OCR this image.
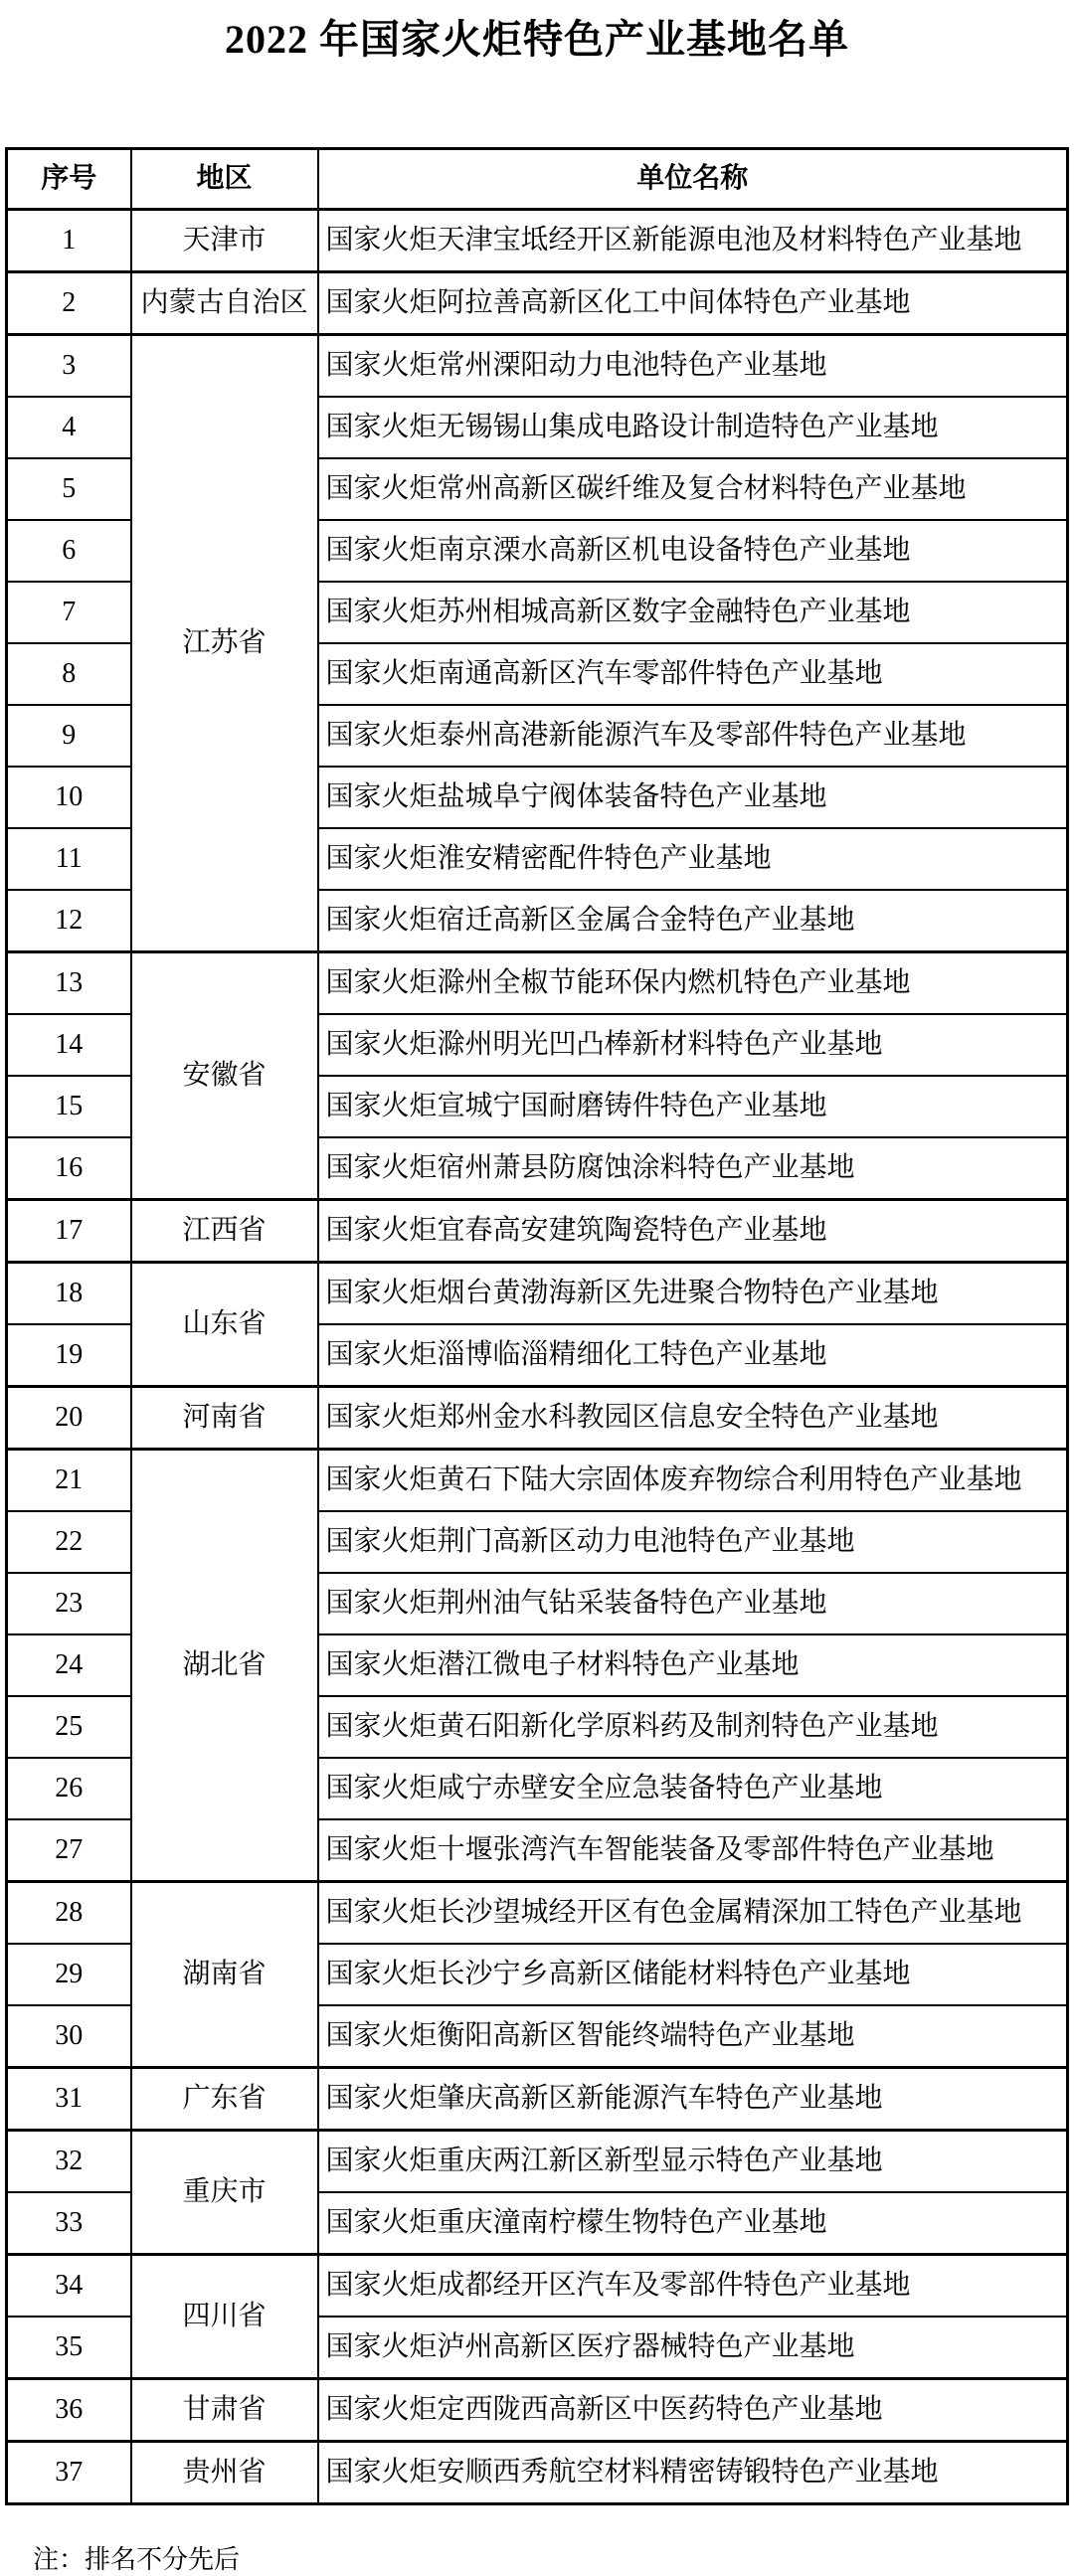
2022 年国家火炬特色产业基地名单
序号	地区	单位名称
1	天津市	国家火炬天津宝坻经开区新能源电池及材料特色产业基地
2	内蒙古自治区	国家火炬阿拉善高新区化工中间体特色产业基地
3	江苏省	国家火炬常州溧阳动力电池特色产业基地
4		国家火炬无锡锡山集成电路设计制造特色产业基地
5		国家火炬常州高新区碳纤维及复合材料特色产业基地
6		国家火炬南京溧水高新区机电设备特色产业基地
7		国家火炬苏州相城高新区数字金融特色产业基地
8		国家火炬南通高新区汽车零部件特色产业基地
9		国家火炬泰州高港新能源汽车及零部件特色产业基地
10		国家火炬盐城阜宁阀体装备特色产业基地
11		国家火炬淮安精密配件特色产业基地
12		国家火炬宿迁高新区金属合金特色产业基地
13	安徽省	国家火炬滁州全椒节能环保内燃机特色产业基地
14		国家火炬滁州明光凹凸棒新材料特色产业基地
15		国家火炬宣城宁国耐磨铸件特色产业基地
16		国家火炬宿州萧县防腐蚀涂料特色产业基地
17	江西省	国家火炬宜春高安建筑陶瓷特色产业基地
18	山东省	国家火炬烟台黄渤海新区先进聚合物特色产业基地
19		国家火炬淄博临淄精细化工特色产业基地
20	河南省	国家火炬郑州金水科教园区信息安全特色产业基地
21	湖北省	国家火炬黄石下陆大宗固体废弃物综合利用特色产业基地
22		国家火炬荆门高新区动力电池特色产业基地
23		国家火炬荆州油气钻采装备特色产业基地
24		国家火炬潜江微电子材料特色产业基地
25		国家火炬黄石阳新化学原料药及制剂特色产业基地
26		国家火炬咸宁赤壁安全应急装备特色产业基地
27		国家火炬十堰张湾汽车智能装备及零部件特色产业基地
28	湖南省	国家火炬长沙望城经开区有色金属精深加工特色产业基地
29		国家火炬长沙宁乡高新区储能材料特色产业基地
30		国家火炬衡阳高新区智能终端特色产业基地
31	广东省	国家火炬肇庆高新区新能源汽车特色产业基地
32	重庆市	国家火炬重庆两江新区新型显示特色产业基地
33		国家火炬重庆潼南柠檬生物特色产业基地
34	四川省	国家火炬成都经开区汽车及零部件特色产业基地
35		国家火炬泸州高新区医疗器械特色产业基地
36	甘肃省	国家火炬定西陇西高新区中医药特色产业基地
37	贵州省	国家火炬安顺西秀航空材料精密铸锻特色产业基地
注：排名不分先后
